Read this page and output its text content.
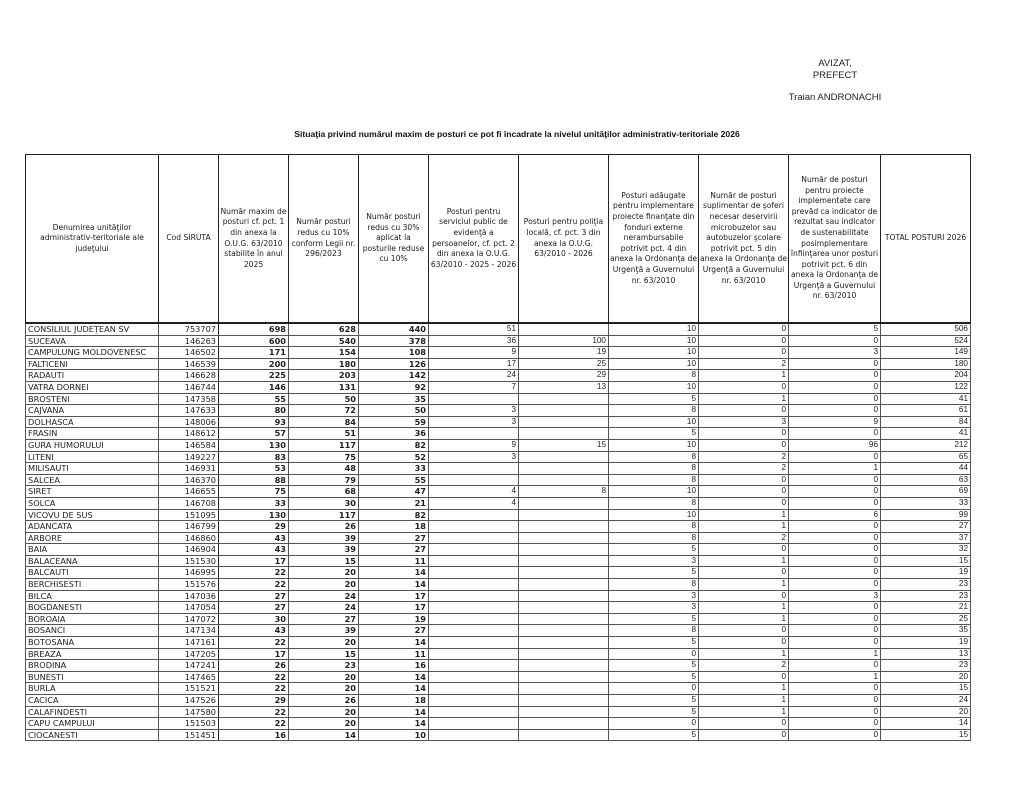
AVIZAT,
PREFECT
Traian ANDRONACHI
Situaţia privind numărul maxim de posturi ce pot fi încadrate la nivelul unităţilor administrativ-teritoriale 2026
Denumirea unităţilor administrativ-teritoriale ale judeţului	Cod SIRUTA	Număr maxim de posturi cf. pct. 1 din anexa la O.U.G. 63/2010 stabilite în anul 2025	Număr posturi redus cu 10% conform Legii nr. 296/2023	Număr posturi redus cu 30% aplicat la posturile reduse cu 10%	Posturi pentru serviciul public de evidenţă a persoanelor, cf. pct. 2 din anexa la O.U.G. 63/2010 - 2025 - 2026	Posturi pentru poliţia locală, cf. pct. 3 din anexa la O.U.G. 63/2010 - 2026	Posturi adăugate pentru implementare proiecte finanţate din fonduri externe nerambursabile potrivit pct. 4 din anexa la Ordonanţa de Urgenţă a Guvernului nr. 63/2010	Număr de posturi suplimentar de şoferi necesar deservirii microbuzelor sau autobuzelor şcolare potrivit pct. 5 din anexa la Ordonanţa de Urgenţă a Guvernului nr. 63/2010	Număr de posturi pentru proiecte implementate care prevăd ca indicator de rezultat sau indicator de sustenabilitate posimplementare înfiinţarea unor posturi potrivit pct. 6 din anexa la Ordonanţa de Urgenţă a Guvernului nr. 63/2010	TOTAL POSTURI 2026
CONSILIUL JUDEȚEAN SV	753707	698	628	440	51		10	0	5	506
SUCEAVA	146263	600	540	378	36	100	10	0	0	524
CAMPULUNG MOLDOVENESC	146502	171	154	108	9	19	10	0	3	149
FALTICENI	146539	200	180	126	17	25	10	2	0	180
RADAUTI	146628	225	203	142	24	29	8	1	0	204
VATRA DORNEI	146744	146	131	92	7	13	10	0	0	122
BROSTENI	147358	55	50	35			5	1	0	41
CAJVANA	147633	80	72	50	3		8	0	0	61
DOLHASCA	148006	93	84	59	3		10	3	9	84
FRASIN	148612	57	51	36			5	0	0	41
GURA HUMORULUI	146584	130	117	82	9	15	10	0	96	212
LITENI	149227	83	75	52	3		8	2	0	65
MILISAUTI	146931	53	48	33			8	2	1	44
SALCEA	146370	88	79	55			8	0	0	63
SIRET	146655	75	68	47	4	8	10	0	0	69
SOLCA	146708	33	30	21	4		8	0	0	33
VICOVU DE SUS	151095	130	117	82			10	1	6	99
ADANCATA	146799	29	26	18			8	1	0	27
ARBORE	146860	43	39	27			8	2	0	37
BAIA	146904	43	39	27			5	0	0	32
BALACEANA	151530	17	15	11			3	1	0	15
BALCAUTI	146995	22	20	14			5	0	0	19
BERCHISESTI	151576	22	20	14			8	1	0	23
BILCA	147036	27	24	17			3	0	3	23
BOGDANESTI	147054	27	24	17			3	1	0	21
BOROAIA	147072	30	27	19			5	1	0	25
BOSANCI	147134	43	39	27			8	0	0	35
BOTOSANA	147161	22	20	14			5	0	0	19
BREAZA	147205	17	15	11			0	1	1	13
BRODINA	147241	26	23	16			5	2	0	23
BUNESTI	147465	22	20	14			5	0	1	20
BURLA	151521	22	20	14			0	1	0	15
CACICA	147526	29	26	18			5	1	0	24
CALAFINDESTI	147580	22	20	14			5	1	0	20
CAPU CAMPULUI	151503	22	20	14			0	0	0	14
CIOCANESTI	151451	16	14	10			5	0	0	15
